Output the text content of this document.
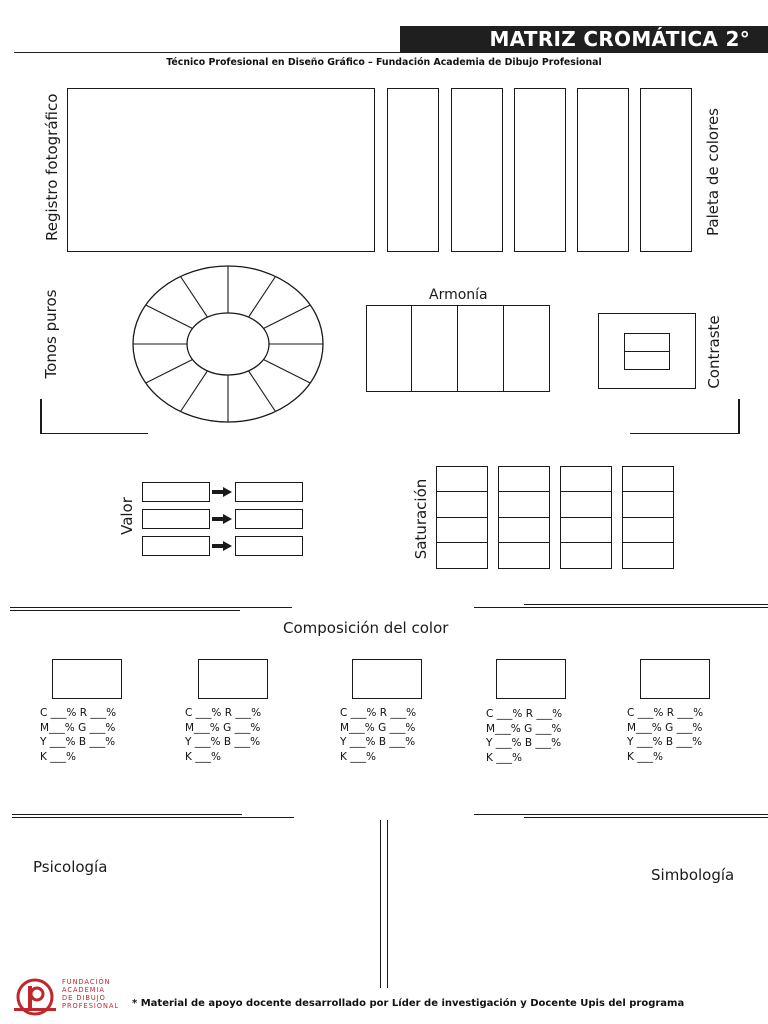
MATRIZ CROMÁTICA 2°
Técnico Profesional en Diseño Gráfico – Fundación Academia de Dibujo Profesional
Registro fotográfico	Paleta de colores
Tonos puros	Armonía
Contraste
Valor	Saturación
Composición del color
C ___% R ___%
M___% G ___%
Y ___% B ___%
K ___%
C ___% R ___%
M___% G ___%
Y ___% B ___%
K ___%
C ___% R ___%
M___% G ___%
Y ___% B ___%
K ___%
C ___% R ___%
M___% G ___%
Y ___% B ___%
K ___%
C ___% R ___%
M___% G ___%
Y ___% B ___%
K ___%
Psicología	Simbología
FUNDACIÓN
ACADEMIA
DE DIBUJO
PROFESIONAL * Material de apoyo docente desarrollado por Líder de investigación y Docente Upis del programa
